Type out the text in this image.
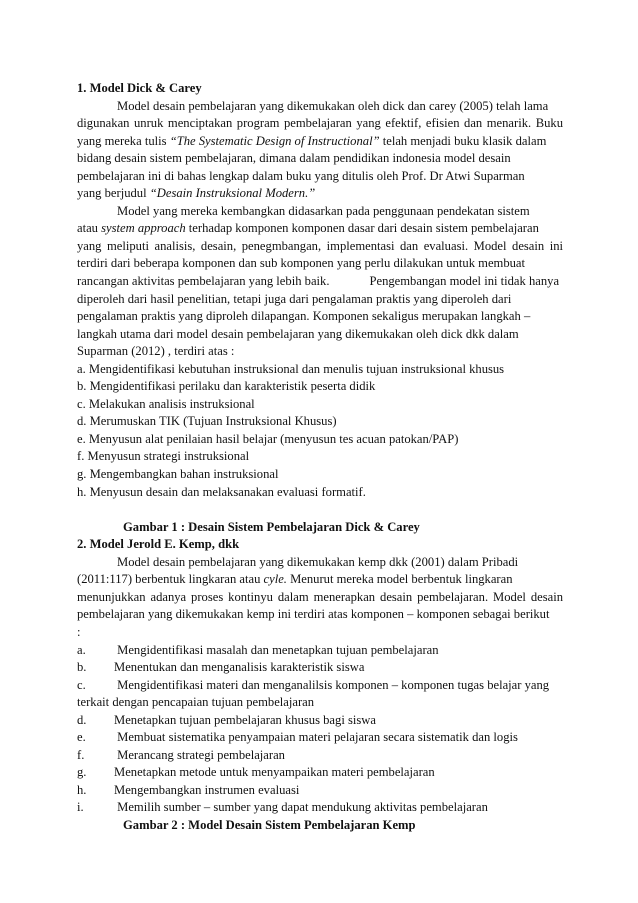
1. Model Dick & Carey
Model desain pembelajaran yang dikemukakan oleh dick dan carey (2005) telah lama
digunakan unruk menciptakan program pembelajaran yang efektif, efisien dan menarik. Buku
yang mereka tulis “The Systematic Design of Instructional” telah menjadi buku klasik dalam
bidang desain sistem pembelajaran, dimana dalam pendidikan indonesia model desain
pembelajaran ini di bahas lengkap dalam buku yang ditulis oleh Prof. Dr Atwi Suparman
yang berjudul “Desain Instruksional Modern.”
Model yang mereka kembangkan didasarkan pada penggunaan pendekatan sistem
atau system approach terhadap komponen komponen dasar dari desain sistem pembelajaran
yang meliputi analisis, desain, penegmbangan, implementasi dan evaluasi. Model desain ini
terdiri dari beberapa komponen dan sub komponen yang perlu dilakukan untuk membuat
rancangan aktivitas pembelajaran yang lebih baik.	Pengembangan model ini tidak hanya
diperoleh dari hasil penelitian, tetapi juga dari pengalaman praktis yang diperoleh dari
pengalaman praktis yang diproleh dilapangan. Komponen sekaligus merupakan langkah –
langkah utama dari model desain pembelajaran yang dikemukakan oleh dick dkk dalam
Suparman (2012) , terdiri atas :
a. Mengidentifikasi kebutuhan instruksional dan menulis tujuan instruksional khusus
b. Mengidentifikasi perilaku dan karakteristik peserta didik
c. Melakukan analisis instruksional
d. Merumuskan TIK (Tujuan Instruksional Khusus)
e. Menyusun alat penilaian hasil belajar (menyusun tes acuan patokan/PAP)
f. Menyusun strategi instruksional
g. Mengembangkan bahan instruksional
h. Menyusun desain dan melaksanakan evaluasi formatif.
Gambar 1 : Desain Sistem Pembelajaran Dick & Carey
2. Model Jerold E. Kemp, dkk
Model desain pembelajaran yang dikemukakan kemp dkk (2001) dalam Pribadi
(2011:117) berbentuk lingkaran atau cyle. Menurut mereka model berbentuk lingkaran
menunjukkan adanya proses kontinyu dalam menerapkan desain pembelajaran. Model desain
pembelajaran yang dikemukakan kemp ini terdiri atas komponen – komponen sebagai berikut
:
a. Mengidentifikasi masalah dan menetapkan tujuan pembelajaran
b. Menentukan dan menganalisis karakteristik siswa
c. Mengidentifikasi materi dan menganalilsis komponen – komponen tugas belajar yang
terkait dengan pencapaian tujuan pembelajaran
d. Menetapkan tujuan pembelajaran khusus bagi siswa
e. Membuat sistematika penyampaian materi pelajaran secara sistematik dan logis
f. Merancang strategi pembelajaran
g. Menetapkan metode untuk menyampaikan materi pembelajaran
h. Mengembangkan instrumen evaluasi
i. Memilih sumber – sumber yang dapat mendukung aktivitas pembelajaran
Gambar 2 : Model Desain Sistem Pembelajaran Kemp
